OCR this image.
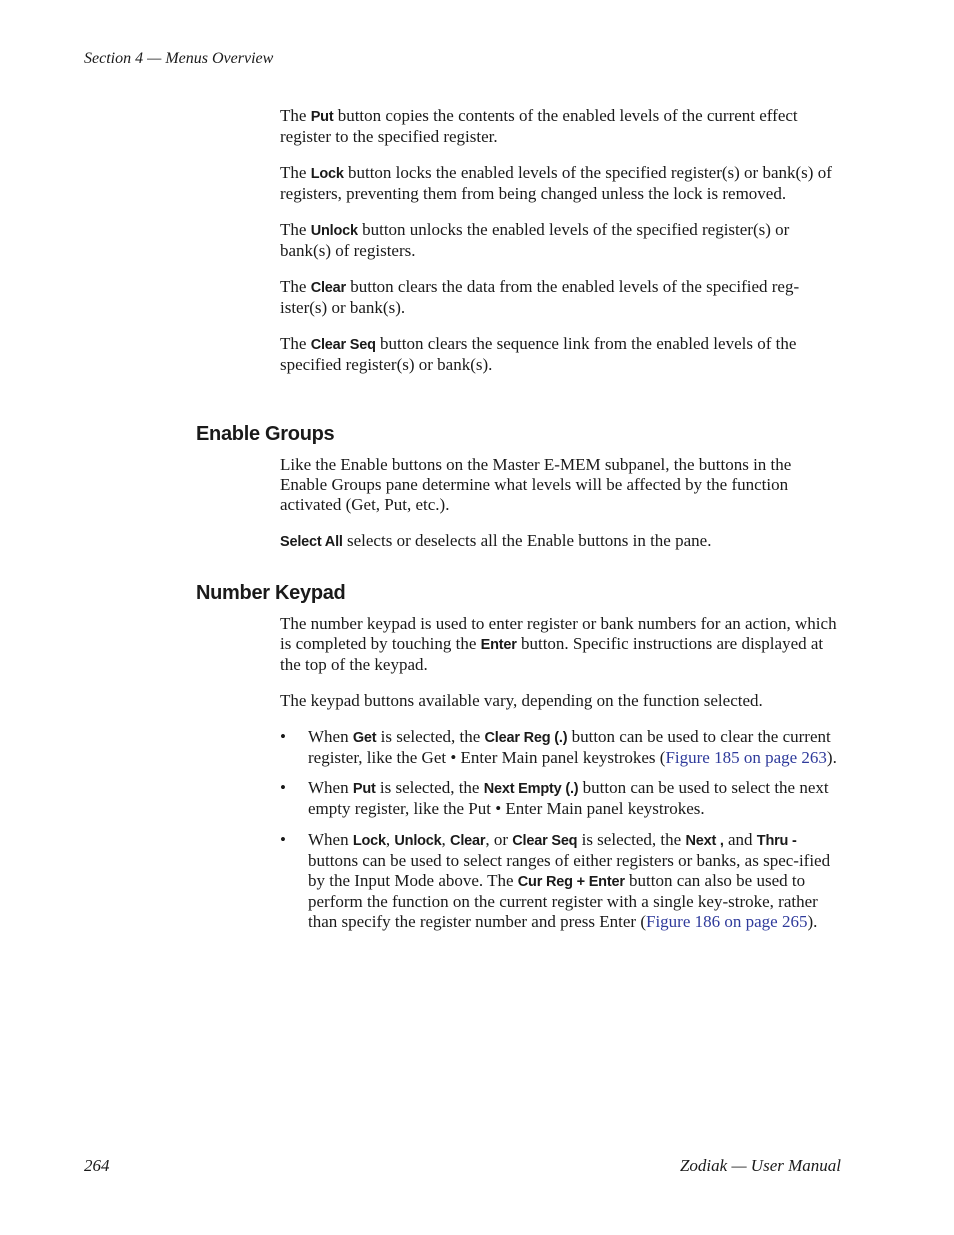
Section 4 — Menus Overview

The Put button copies the contents of the enabled levels of the current effect register to the specified register.

The Lock button locks the enabled levels of the specified register(s) or bank(s) of registers, preventing them from being changed unless the lock is removed.

The Unlock button unlocks the enabled levels of the specified register(s) or bank(s) of registers.

The Clear button clears the data from the enabled levels of the specified reg-ister(s) or bank(s).

The Clear Seq button clears the sequence link from the enabled levels of the specified register(s) or bank(s).

Enable Groups

Like the Enable buttons on the Master E-MEM subpanel, the buttons in the Enable Groups pane determine what levels will be affected by the function activated (Get, Put, etc.).

Select All selects or deselects all the Enable buttons in the pane.

Number Keypad

The number keypad is used to enter register or bank numbers for an action, which is completed by touching the Enter button. Specific instructions are displayed at the top of the keypad.

The keypad buttons available vary, depending on the function selected.

• When Get is selected, the Clear Reg (.) button can be used to clear the current register, like the Get • Enter Main panel keystrokes (Figure 185 on page 263).
• When Put is selected, the Next Empty (.) button can be used to select the next empty register, like the Put • Enter Main panel keystrokes.
• When Lock, Unlock, Clear, or Clear Seq is selected, the Next , and Thru - buttons can be used to select ranges of either registers or banks, as spec-ified by the Input Mode above. The Cur Reg + Enter button can also be used to perform the function on the current register with a single key-stroke, rather than specify the register number and press Enter (Figure 186 on page 265).
264	Zodiak — User Manual
